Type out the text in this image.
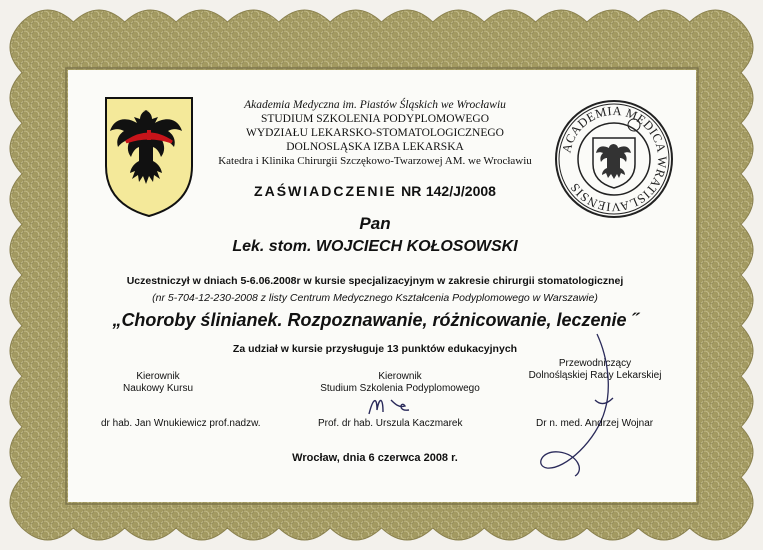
ACADEMIA MEDICA WRATISLAVIENSIS
Akademia Medyczna im. Piastów Śląskich we Wrocławiu
STUDIUM SZKOLENIA PODYPLOMOWEGO
WYDZIAŁU LEKARSKO-STOMATOLOGICZNEGO
DOLNOSLĄSKA IZBA LEKARSKA
Katedra i Klinika Chirurgii Szczękowo-Twarzowej AM. we Wrocławiu
ZAŚWIADCZENIE NR 142/J/2008
Pan
Lek. stom. WOJCIECH KOŁOSOWSKI
Uczestniczył w dniach 5-6.06.2008r w kursie specjalizacyjnym w zakresie chirurgii stomatologicznej
(nr 5-704-12-230-2008 z listy Centrum Medycznego Kształcenia Podyplomowego w Warszawie)
„Choroby ślinianek. Rozpoznawanie, różnicowanie, leczenie ˝
Za udział w kursie przysługuje 13 punktów edukacyjnych
Kierownik
Naukowy Kursu
dr hab. Jan Wnukiewicz prof.nadzw.
Kierownik
Studium Szkolenia Podyplomowego
Prof. dr hab. Urszula Kaczmarek
Przewodniczący
Dolnośląskiej Rady Lekarskiej
Dr n. med. Andrzej Wojnar
Wrocław, dnia 6 czerwca 2008 r.
